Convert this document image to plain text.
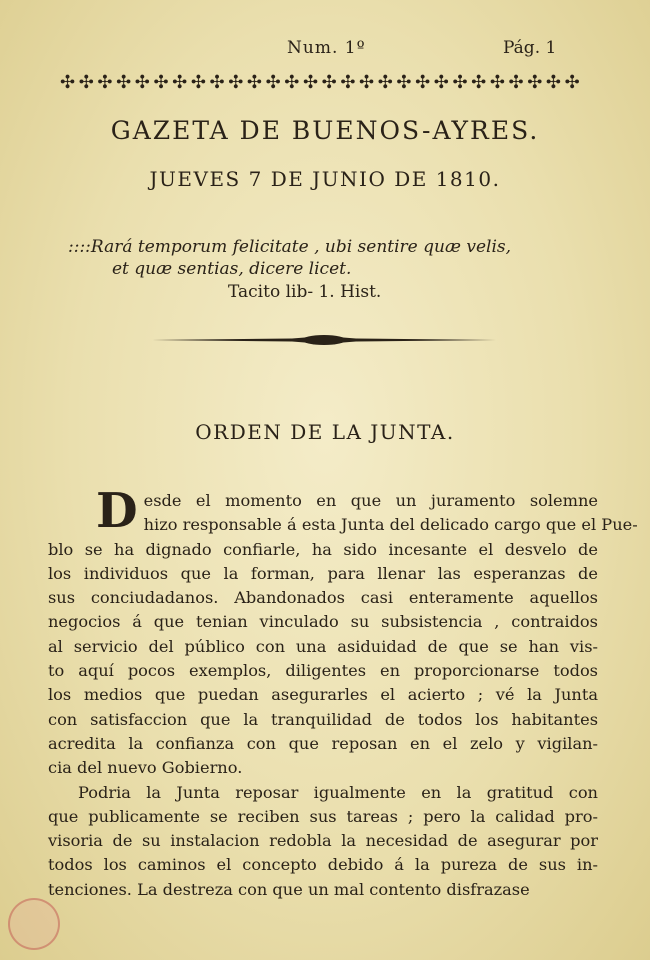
Num. 1º	Pág. 1
✣ ✣ ✣ ✣ ✣ ✣ ✣ ✣ ✣ ✣ ✣ ✣ ✣ ✣ ✣ ✣ ✣ ✣ ✣ ✣ ✣ ✣ ✣ ✣ ✣ ✣ ✣ ✣
GAZETA DE BUENOS-AYRES.
JUEVES 7 DE JUNIO DE 1810.
::::Rará temporum felicitate , ubi sentire quæ velis,
et quæ sentias, dicere licet.
Tacito lib- 1. Hist.
ORDEN DE LA JUNTA.
D esde el momento en que un juramento solemne
hizo responsable á esta Junta del delicado cargo que el Pue-
blo se ha dignado confiarle, ha sido incesante el desvelo de
los individuos que la forman, para llenar las esperanzas de
sus conciudadanos. Abandonados casi enteramente aquellos
negocios á que tenian vinculado su subsistencia , contraidos
al servicio del público con una asiduidad de que se han vis-
to aquí pocos exemplos, diligentes en proporcionarse todos
los medios que puedan asegurarles el acierto ; vé la Junta
con satisfaccion que la tranquilidad de todos los habitantes
acredita la confianza con que reposan en el zelo y vigilan-
cia del nuevo Gobierno.
Podria la Junta reposar igualmente en la gratitud con
que publicamente se reciben sus tareas ; pero la calidad pro-
visoria de su instalacion redobla la necesidad de asegurar por
todos los caminos el concepto debido á la pureza de sus in-
tenciones. La destreza con que un mal contento disfrazase
